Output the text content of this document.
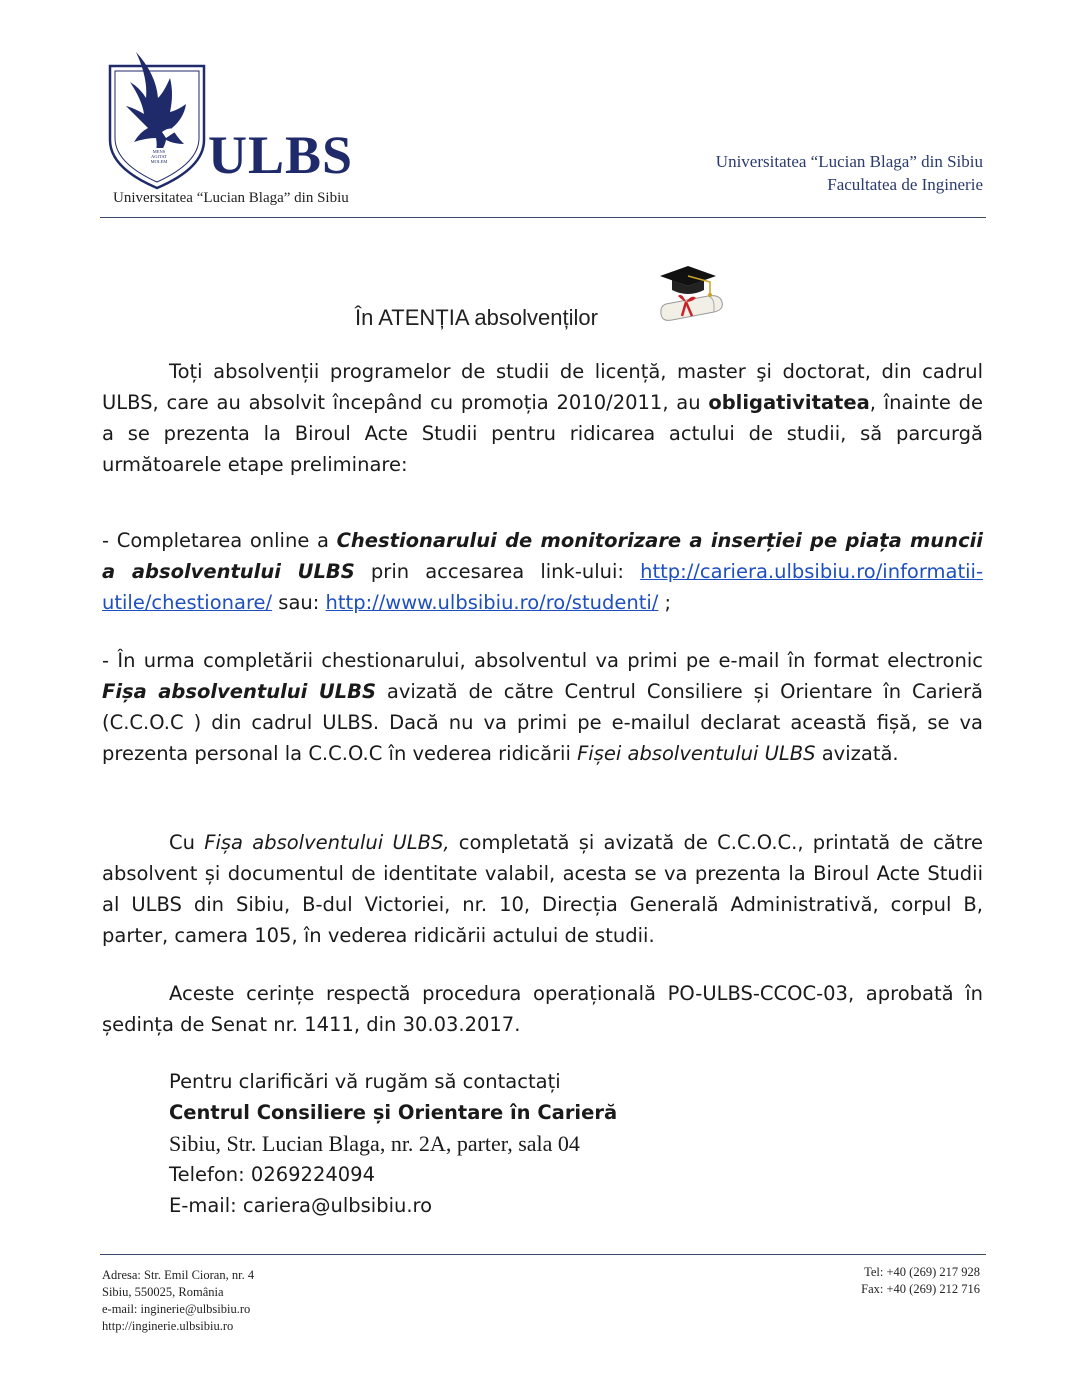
MENS
AGITAT
MOLEM ULBS
Universitatea “Lucian Blaga” din Sibiu
Universitatea “Lucian Blaga” din Sibiu
Facultatea de Inginerie
În ATENȚIA absolvenților
Toți absolvenții programelor de studii de licență, master şi doctorat, din cadrul ULBS, care au absolvit începând cu promoția 2010/2011, au obligativitatea, înainte de a se prezenta la Biroul Acte Studii pentru ridicarea actului de studii, să parcurgă următoarele etape preliminare:
- Completarea online a Chestionarului de monitorizare a inserției pe piața muncii a absolventului ULBS prin accesarea link-ului: http://cariera.ulbsibiu.ro/informatii-utile/chestionare/ sau: http://www.ulbsibiu.ro/ro/studenti/ ;
- În urma completării chestionarului, absolventul va primi pe e-mail în format electronic Fișa absolventului ULBS avizată de către Centrul Consiliere și Orientare în Carieră (C.C.O.C ) din cadrul ULBS. Dacă nu va primi pe e-mailul declarat această fișă, se va prezenta personal la C.C.O.C în vederea ridicării Fișei absolventului ULBS avizată.
Cu Fișa absolventului ULBS, completată și avizată de C.C.O.C., printată de către absolvent și documentul de identitate valabil, acesta se va prezenta la Biroul Acte Studii al ULBS din Sibiu, B-dul Victoriei, nr. 10, Direcția Generală Administrativă, corpul B, parter, camera 105, în vederea ridicării actului de studii.
Aceste cerințe respectă procedura operațională PO-ULBS-CCOC-03, aprobată în ședința de Senat nr. 1411, din 30.03.2017.
Pentru clarificări vă rugăm să contactați
Centrul Consiliere și Orientare în Carieră
Sibiu, Str. Lucian Blaga, nr. 2A, parter, sala 04
Telefon: 0269224094
E-mail: cariera@ulbsibiu.ro
Adresa: Str. Emil Cioran, nr. 4
Sibiu, 550025, România
e-mail: inginerie@ulbsibiu.ro
http://inginerie.ulbsibiu.ro
Tel: +40 (269) 217 928
Fax: +40 (269) 212 716
